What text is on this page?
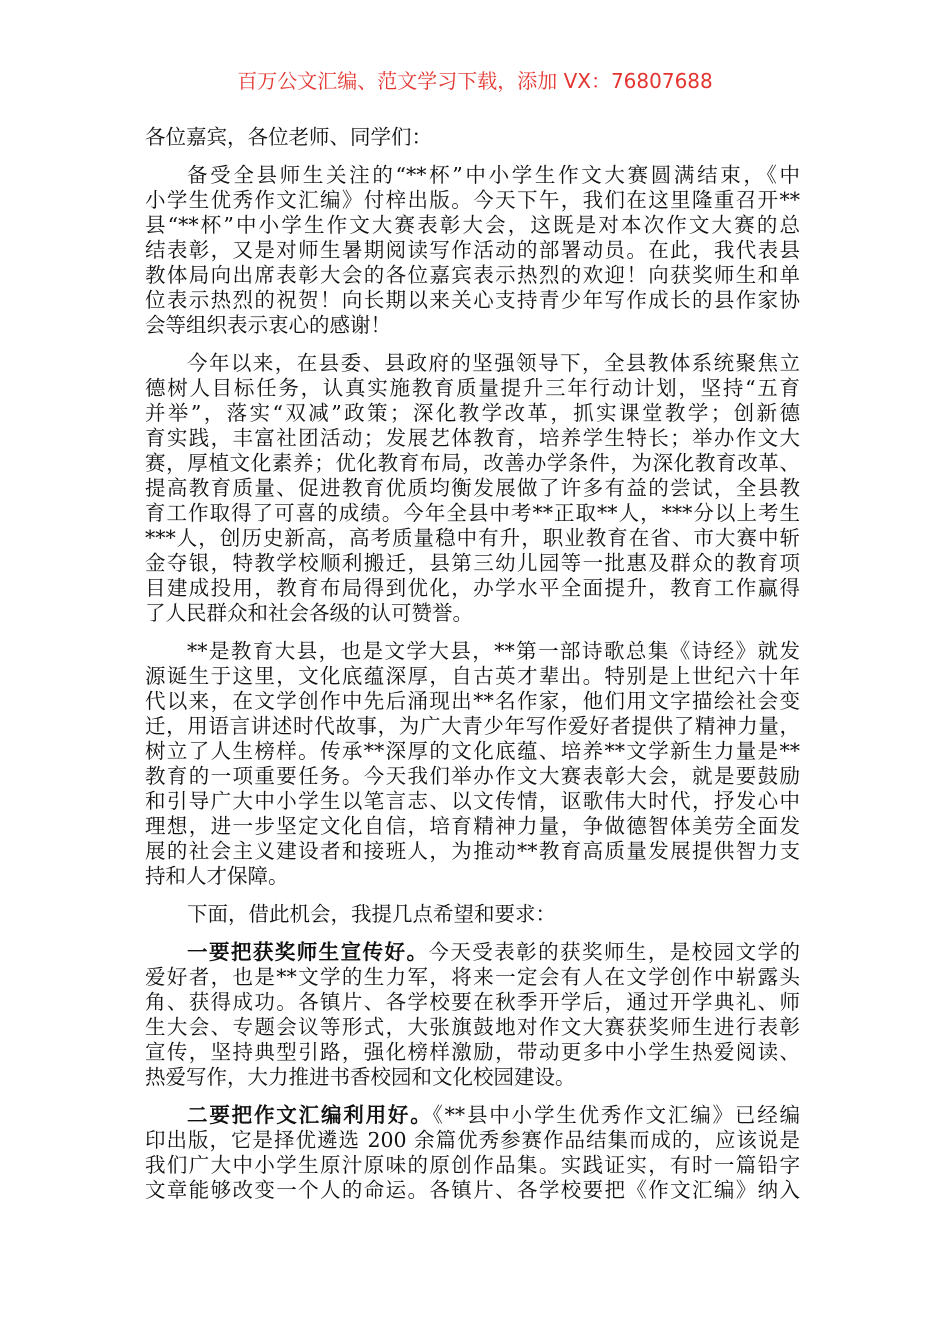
百万公文汇编、范文学习下载，添加 VX：76807688
各位嘉宾，各位老师、同学们：
备受全县师生关注的“**杯”中小学生作文大赛圆满结束，《中
小学生优秀作文汇编》付梓出版。今天下午，我们在这里隆重召开**
县“**杯”中小学生作文大赛表彰大会，这既是对本次作文大赛的总
结表彰，又是对师生暑期阅读写作活动的部署动员。在此，我代表县
教体局向出席表彰大会的各位嘉宾表示热烈的欢迎！向获奖师生和单
位表示热烈的祝贺！向长期以来关心支持青少年写作成长的县作家协
会等组织表示衷心的感谢！
今年以来，在县委、县政府的坚强领导下，全县教体系统聚焦立
德树人目标任务，认真实施教育质量提升三年行动计划，坚持“五育
并举”，落实“双减”政策；深化教学改革，抓实课堂教学；创新德
育实践，丰富社团活动；发展艺体教育，培养学生特长；举办作文大
赛，厚植文化素养；优化教育布局，改善办学条件，为深化教育改革、
提高教育质量、促进教育优质均衡发展做了许多有益的尝试，全县教
育工作取得了可喜的成绩。今年全县中考**正取**人，***分以上考生
***人，创历史新高，高考质量稳中有升，职业教育在省、市大赛中斩
金夺银，特教学校顺利搬迁，县第三幼儿园等一批惠及群众的教育项
目建成投用，教育布局得到优化，办学水平全面提升，教育工作赢得
了人民群众和社会各级的认可赞誉。
**是教育大县，也是文学大县，**第一部诗歌总集《诗经》就发
源诞生于这里，文化底蕴深厚，自古英才辈出。特别是上世纪六十年
代以来，在文学创作中先后涌现出**名作家，他们用文字描绘社会变
迁，用语言讲述时代故事，为广大青少年写作爱好者提供了精神力量，
树立了人生榜样。传承**深厚的文化底蕴、培养**文学新生力量是**
教育的一项重要任务。今天我们举办作文大赛表彰大会，就是要鼓励
和引导广大中小学生以笔言志、以文传情，讴歌伟大时代，抒发心中
理想，进一步坚定文化自信，培育精神力量，争做德智体美劳全面发
展的社会主义建设者和接班人，为推动**教育高质量发展提供智力支
持和人才保障。
下面，借此机会，我提几点希望和要求：
一要把获奖师生宣传好。今天受表彰的获奖师生，是校园文学的
爱好者，也是**文学的生力军，将来一定会有人在文学创作中崭露头
角、获得成功。各镇片、各学校要在秋季开学后，通过开学典礼、师
生大会、专题会议等形式，大张旗鼓地对作文大赛获奖师生进行表彰
宣传，坚持典型引路，强化榜样激励，带动更多中小学生热爱阅读、
热爱写作，大力推进书香校园和文化校园建设。
二要把作文汇编利用好。《**县中小学生优秀作文汇编》已经编
印出版，它是择优遴选 200 余篇优秀参赛作品结集而成的，应该说是
我们广大中小学生原汁原味的原创作品集。实践证实，有时一篇铅字
文章能够改变一个人的命运。各镇片、各学校要把《作文汇编》纳入
